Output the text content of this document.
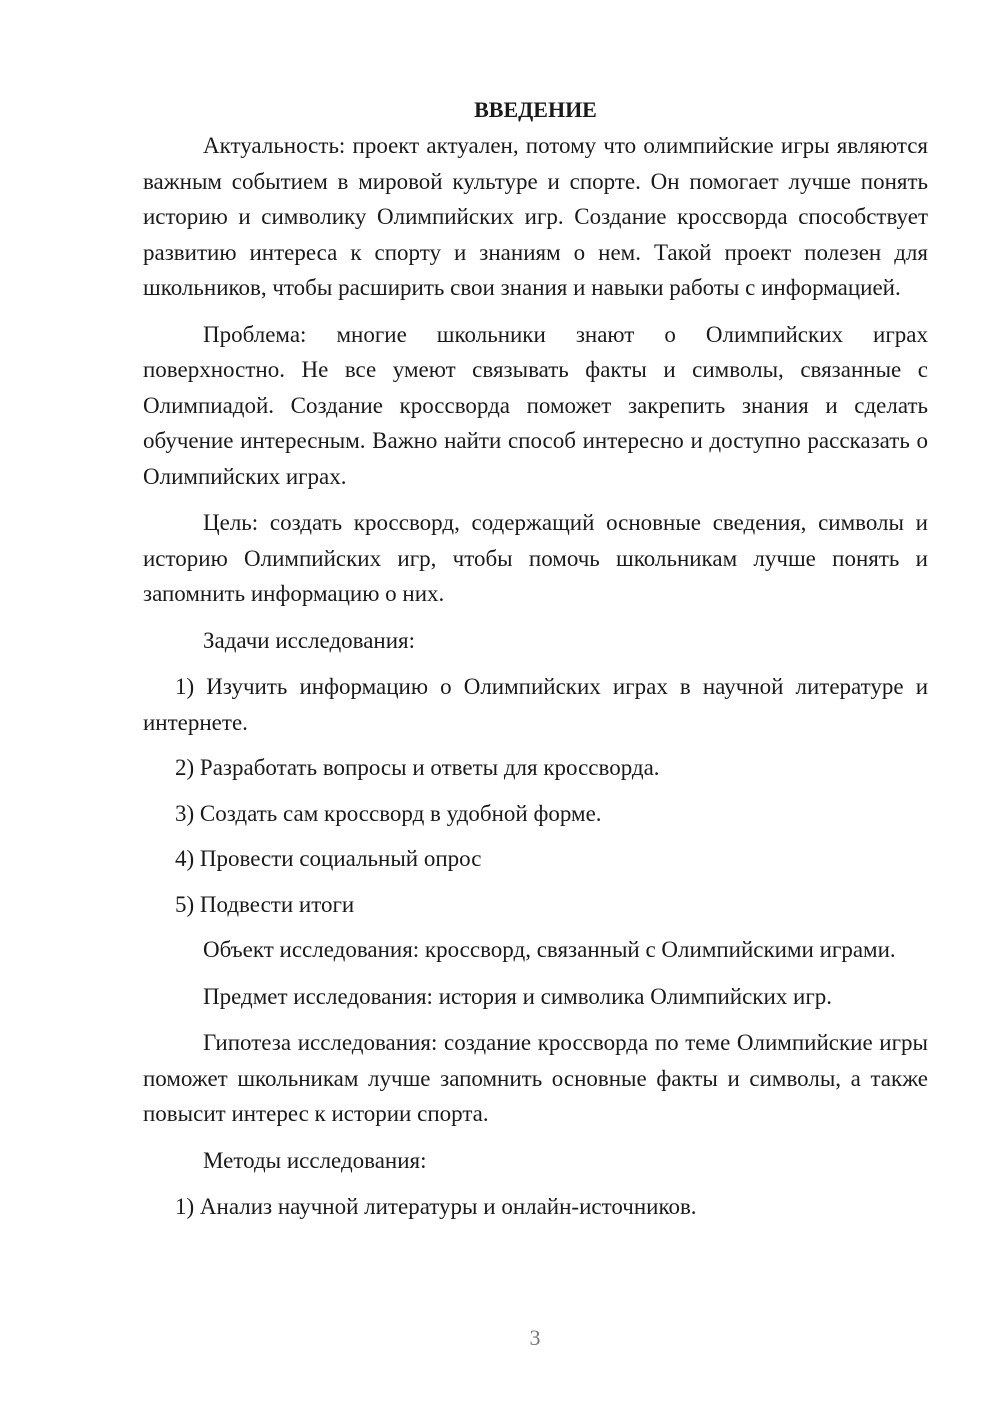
ВВЕДЕНИЕ

Актуальность: проект актуален, потому что олимпийские игры являются важным событием в мировой культуре и спорте. Он помогает лучше понять историю и символику Олимпийских игр. Создание кроссворда способствует развитию интереса к спорту и знаниям о нем. Такой проект полезен для школьников, чтобы расширить свои знания и навыки работы с информацией.

Проблема: многие школьники знают о Олимпийских играх поверхностно. Не все умеют связывать факты и символы, связанные с Олимпиадой. Создание кроссворда поможет закрепить знания и сделать обучение интересным. Важно найти способ интересно и доступно рассказать о Олимпийских играх.

Цель: создать кроссворд, содержащий основные сведения, символы и историю Олимпийских игр, чтобы помочь школьникам лучше понять и запомнить информацию о них.

Задачи исследования:

1) Изучить информацию о Олимпийских играх в научной литературе и интернете.

2) Разработать вопросы и ответы для кроссворда.

3) Создать сам кроссворд в удобной форме.

4) Провести социальный опрос

5) Подвести итоги

Объект исследования: кроссворд, связанный с Олимпийскими играми.

Предмет исследования: история и символика Олимпийских игр.

Гипотеза исследования: создание кроссворда по теме Олимпийские игры поможет школьникам лучше запомнить основные факты и символы, а также повысит интерес к истории спорта.

Методы исследования:

1) Анализ научной литературы и онлайн-источников.

3
